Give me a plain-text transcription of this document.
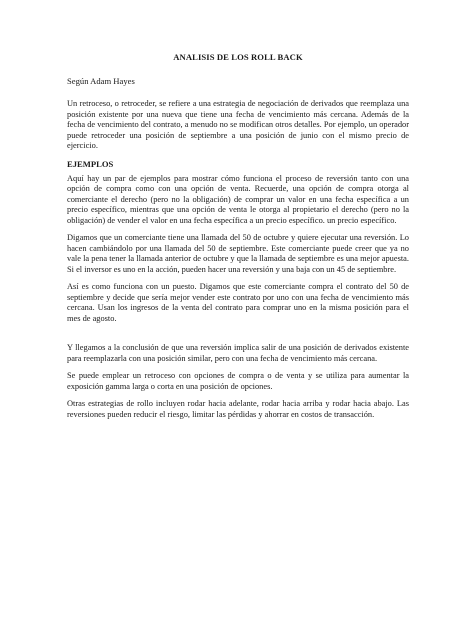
ANALISIS DE LOS ROLL BACK
Según Adam Hayes

Un retroceso, o retroceder, se refiere a una estrategia de negociación de derivados que reemplaza una posición existente por una nueva que tiene una fecha de vencimiento más cercana. Además de la fecha de vencimiento del contrato, a menudo no se modifican otros detalles. Por ejemplo, un operador puede retroceder una posición de septiembre a una posición de junio con el mismo precio de ejercicio.

EJEMPLOS

Aquí hay un par de ejemplos para mostrar cómo funciona el proceso de reversión tanto con una opción de compra como con una opción de venta. Recuerde, una opción de compra otorga al comerciante el derecho (pero no la obligación) de comprar un valor en una fecha específica a un precio específico, mientras que una opción de venta le otorga al propietario el derecho (pero no la obligación) de vender el valor en una fecha específica a un precio específico. un precio específico.

Digamos que un comerciante tiene una llamada del 50 de octubre y quiere ejecutar una reversión. Lo hacen cambiándolo por una llamada del 50 de septiembre. Este comerciante puede creer que ya no vale la pena tener la llamada anterior de octubre y que la llamada de septiembre es una mejor apuesta. Si el inversor es uno en la acción, pueden hacer una reversión y una baja con un 45 de septiembre.

Así es como funciona con un puesto. Digamos que este comerciante compra el contrato del 50 de septiembre y decide que sería mejor vender este contrato por uno con una fecha de vencimiento más cercana. Usan los ingresos de la venta del contrato para comprar uno en la misma posición para el mes de agosto.

Y llegamos a la conclusión de que una reversión implica salir de una posición de derivados existente para reemplazarla con una posición similar, pero con una fecha de vencimiento más cercana.

Se puede emplear un retroceso con opciones de compra o de venta y se utiliza para aumentar la exposición gamma larga o corta en una posición de opciones.

Otras estrategias de rollo incluyen rodar hacia adelante, rodar hacia arriba y rodar hacia abajo. Las reversiones pueden reducir el riesgo, limitar las pérdidas y ahorrar en costos de transacción.
